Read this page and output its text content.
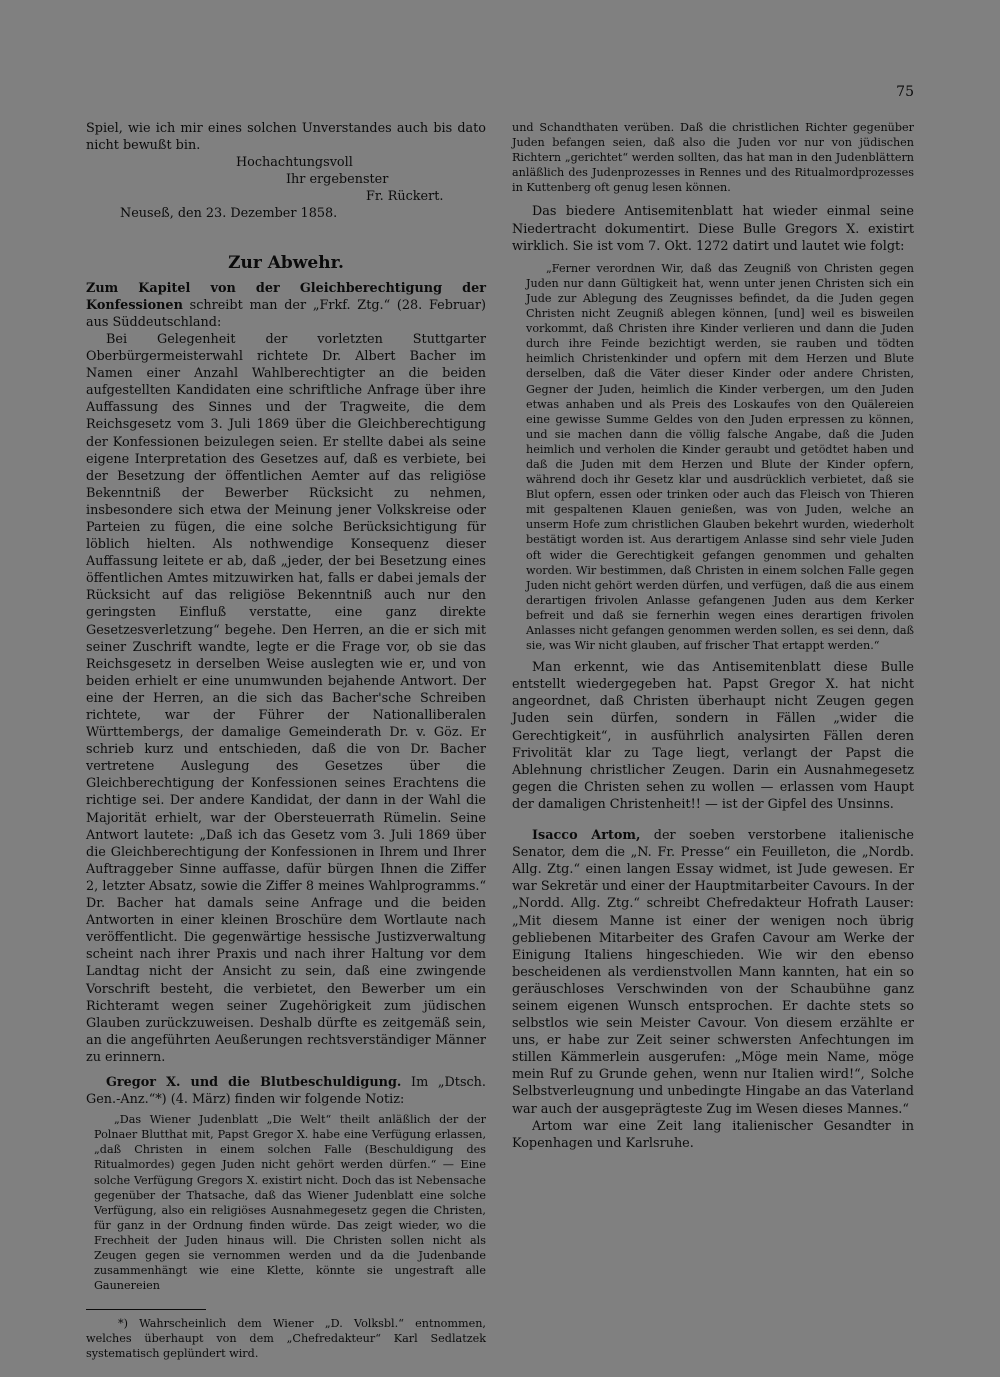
75

Spiel, wie ich mir eines solchen Unverstandes auch bis dato nicht bewußt bin.

Hochachtungsvoll
Ihr ergebenster
Fr. Rückert.
Neuseß, den 23. Dezember 1858.
Zur Abwehr.

Zum Kapitel von der Gleichberechtigung der Konfessionen schreibt man der „Frkf. Ztg.“ (28. Februar) aus Süddeutschland:

Bei Gelegenheit der vorletzten Stuttgarter Oberbürgermeisterwahl richtete Dr. Albert Bacher im Namen einer Anzahl Wahlberechtigter an die beiden aufgestellten Kandidaten eine schriftliche Anfrage über ihre Auffassung des Sinnes und der Tragweite, die dem Reichsgesetz vom 3. Juli 1869 über die Gleichberechtigung der Konfessionen beizulegen seien. Er stellte dabei als seine eigene Interpretation des Gesetzes auf, daß es verbiete, bei der Besetzung der öffentlichen Aemter auf das religiöse Bekenntniß der Bewerber Rücksicht zu nehmen, insbesondere sich etwa der Meinung jener Volkskreise oder Parteien zu fügen, die eine solche Berücksichtigung für löblich hielten. Als nothwendige Konsequenz dieser Auffassung leitete er ab, daß „jeder, der bei Besetzung eines öffentlichen Amtes mitzuwirken hat, falls er dabei jemals der Rücksicht auf das religiöse Bekenntniß auch nur den geringsten Einfluß verstatte, eine ganz direkte Gesetzesverletzung“ begehe. Den Herren, an die er sich mit seiner Zuschrift wandte, legte er die Frage vor, ob sie das Reichsgesetz in derselben Weise auslegten wie er, und von beiden erhielt er eine unumwunden bejahende Antwort. Der eine der Herren, an die sich das Bacher'sche Schreiben richtete, war der Führer der Nationalliberalen Württembergs, der damalige Gemeinderath Dr. v. Göz. Er schrieb kurz und entschieden, daß die von Dr. Bacher vertretene Auslegung des Gesetzes über die Gleichberechtigung der Konfessionen seines Erachtens die richtige sei. Der andere Kandidat, der dann in der Wahl die Majorität erhielt, war der Obersteuerrath Rümelin. Seine Antwort lautete: „Daß ich das Gesetz vom 3. Juli 1869 über die Gleichberechtigung der Konfessionen in Ihrem und Ihrer Auftraggeber Sinne auffasse, dafür bürgen Ihnen die Ziffer 2, letzter Absatz, sowie die Ziffer 8 meines Wahlprogramms.“ Dr. Bacher hat damals seine Anfrage und die beiden Antworten in einer kleinen Broschüre dem Wortlaute nach veröffentlicht. Die gegenwärtige hessische Justizverwaltung scheint nach ihrer Praxis und nach ihrer Haltung vor dem Landtag nicht der Ansicht zu sein, daß eine zwingende Vorschrift besteht, die verbietet, den Bewerber um ein Richteramt wegen seiner Zugehörigkeit zum jüdischen Glauben zurückzuweisen. Deshalb dürfte es zeitgemäß sein, an die angeführten Aeußerungen rechtsverständiger Männer zu erinnern.

Gregor X. und die Blutbeschuldigung. Im „Dtsch. Gen.-Anz.“*) (4. März) finden wir folgende Notiz:

„Das Wiener Judenblatt „Die Welt“ theilt anläßlich der der Polnaer Blutthat mit, Papst Gregor X. habe eine Verfügung erlassen, „daß Christen in einem solchen Falle (Beschuldigung des Ritualmordes) gegen Juden nicht gehört werden dürfen.“ — Eine solche Verfügung Gregors X. existirt nicht. Doch das ist Nebensache gegenüber der Thatsache, daß das Wiener Judenblatt eine solche Verfügung, also ein religiöses Ausnahmegesetz gegen die Christen, für ganz in der Ordnung finden würde. Das zeigt wieder, wo die Frechheit der Juden hinaus will. Die Christen sollen nicht als Zeugen gegen sie vernommen werden und da die Judenbande zusammenhängt wie eine Klette, könnte sie ungestraft alle Gaunereien

*) Wahrscheinlich dem Wiener „D. Volksbl.“ entnommen, welches überhaupt von dem „Chefredakteur“ Karl Sedlatzek systematisch geplündert wird.

und Schandthaten verüben. Daß die christlichen Richter gegenüber Juden befangen seien, daß also die Juden vor nur von jüdischen Richtern „gerichtet“ werden sollten, das hat man in den Judenblättern anläßlich des Judenprozesses in Rennes und des Ritualmordprozesses in Kuttenberg oft genug lesen können.

Das biedere Antisemitenblatt hat wieder einmal seine Niedertracht dokumentirt. Diese Bulle Gregors X. existirt wirklich. Sie ist vom 7. Okt. 1272 datirt und lautet wie folgt:

„Ferner verordnen Wir, daß das Zeugniß von Christen gegen Juden nur dann Gültigkeit hat, wenn unter jenen Christen sich ein Jude zur Ablegung des Zeugnisses befindet, da die Juden gegen Christen nicht Zeugniß ablegen können, [und] weil es bisweilen vorkommt, daß Christen ihre Kinder verlieren und dann die Juden durch ihre Feinde bezichtigt werden, sie rauben und tödten heimlich Christenkinder und opfern mit dem Herzen und Blute derselben, daß die Väter dieser Kinder oder andere Christen, Gegner der Juden, heimlich die Kinder verbergen, um den Juden etwas anhaben und als Preis des Loskaufes von den Quälereien eine gewisse Summe Geldes von den Juden erpressen zu können, und sie machen dann die völlig falsche Angabe, daß die Juden heimlich und verholen die Kinder geraubt und getödtet haben und daß die Juden mit dem Herzen und Blute der Kinder opfern, während doch ihr Gesetz klar und ausdrücklich verbietet, daß sie Blut opfern, essen oder trinken oder auch das Fleisch von Thieren mit gespaltenen Klauen genießen, was von Juden, welche an unserm Hofe zum christlichen Glauben bekehrt wurden, wiederholt bestätigt worden ist. Aus derartigem Anlasse sind sehr viele Juden oft wider die Gerechtigkeit gefangen genommen und gehalten worden. Wir bestimmen, daß Christen in einem solchen Falle gegen Juden nicht gehört werden dürfen, und verfügen, daß die aus einem derartigen frivolen Anlasse gefangenen Juden aus dem Kerker befreit und daß sie fernerhin wegen eines derartigen frivolen Anlasses nicht gefangen genommen werden sollen, es sei denn, daß sie, was Wir nicht glauben, auf frischer That ertappt werden.“

Man erkennt, wie das Antisemitenblatt diese Bulle entstellt wiedergegeben hat. Papst Gregor X. hat nicht angeordnet, daß Christen überhaupt nicht Zeugen gegen Juden sein dürfen, sondern in Fällen „wider die Gerechtigkeit“, in ausführlich analysirten Fällen deren Frivolität klar zu Tage liegt, verlangt der Papst die Ablehnung christlicher Zeugen. Darin ein Ausnahmegesetz gegen die Christen sehen zu wollen — erlassen vom Haupt der damaligen Christenheit!! — ist der Gipfel des Unsinns.

Isacco Artom, der soeben verstorbene italienische Senator, dem die „N. Fr. Presse“ ein Feuilleton, die „Nordb. Allg. Ztg.“ einen langen Essay widmet, ist Jude gewesen. Er war Sekretär und einer der Hauptmitarbeiter Cavours. In der „Nordd. Allg. Ztg.“ schreibt Chefredakteur Hofrath Lauser: „Mit diesem Manne ist einer der wenigen noch übrig gebliebenen Mitarbeiter des Grafen Cavour am Werke der Einigung Italiens hingeschieden. Wie wir den ebenso bescheidenen als verdienstvollen Mann kannten, hat ein so geräuschloses Verschwinden von der Schaubühne ganz seinem eigenen Wunsch entsprochen. Er dachte stets so selbstlos wie sein Meister Cavour. Von diesem erzählte er uns, er habe zur Zeit seiner schwersten Anfechtungen im stillen Kämmerlein ausgerufen: „Möge mein Name, möge mein Ruf zu Grunde gehen, wenn nur Italien wird!“, Solche Selbstverleugnung und unbedingte Hingabe an das Vaterland war auch der ausgeprägteste Zug im Wesen dieses Mannes.“

Artom war eine Zeit lang italienischer Gesandter in Kopenhagen und Karlsruhe.
